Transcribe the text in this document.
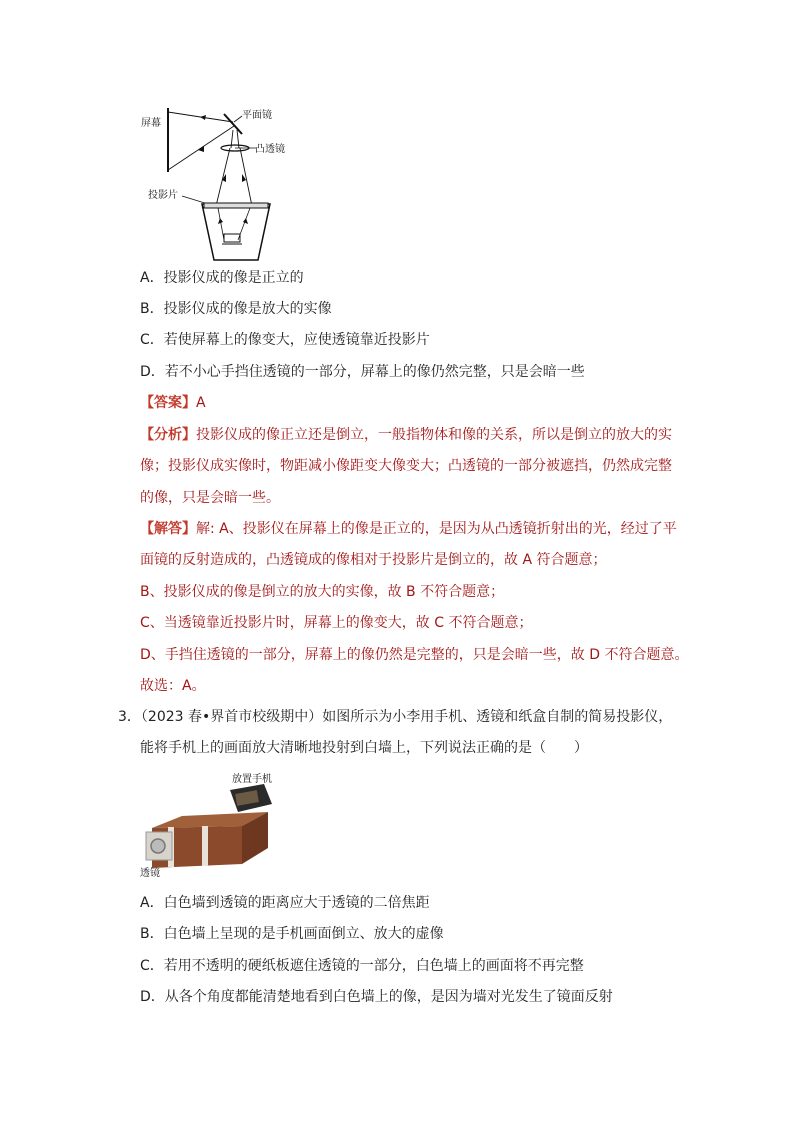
屏幕
平面镜
凸透镜
投影片
A．投影仪成的像是正立的
B．投影仪成的像是放大的实像
C．若使屏幕上的像变大，应使透镜靠近投影片
D．若不小心手挡住透镜的一部分，屏幕上的像仍然完整，只是会暗一些
【答案】A
【分析】投影仪成的像正立还是倒立，一般指物体和像的关系，所以是倒立的放大的实
像；投影仪成实像时，物距减小像距变大像变大；凸透镜的一部分被遮挡，仍然成完整
的像，只是会暗一些。
【解答】解: A、投影仪在屏幕上的像是正立的，是因为从凸透镜折射出的光，经过了平
面镜的反射造成的，凸透镜成的像相对于投影片是倒立的，故 A 符合题意；
B、投影仪成的像是倒立的放大的实像，故 B 不符合题意；
C、当透镜靠近投影片时，屏幕上的像变大，故 C 不符合题意；
D、手挡住透镜的一部分，屏幕上的像仍然是完整的，只是会暗一些，故 D 不符合题意。
故选：A。
3．（2023 春•界首市校级期中）如图所示为小李用手机、透镜和纸盒自制的简易投影仪，
能将手机上的画面放大清晰地投射到白墙上，下列说法正确的是（　　）
放置手机
透镜
A．白色墙到透镜的距离应大于透镜的二倍焦距
B．白色墙上呈现的是手机画面倒立、放大的虚像
C．若用不透明的硬纸板遮住透镜的一部分，白色墙上的画面将不再完整
D．从各个角度都能清楚地看到白色墙上的像，是因为墙对光发生了镜面反射
